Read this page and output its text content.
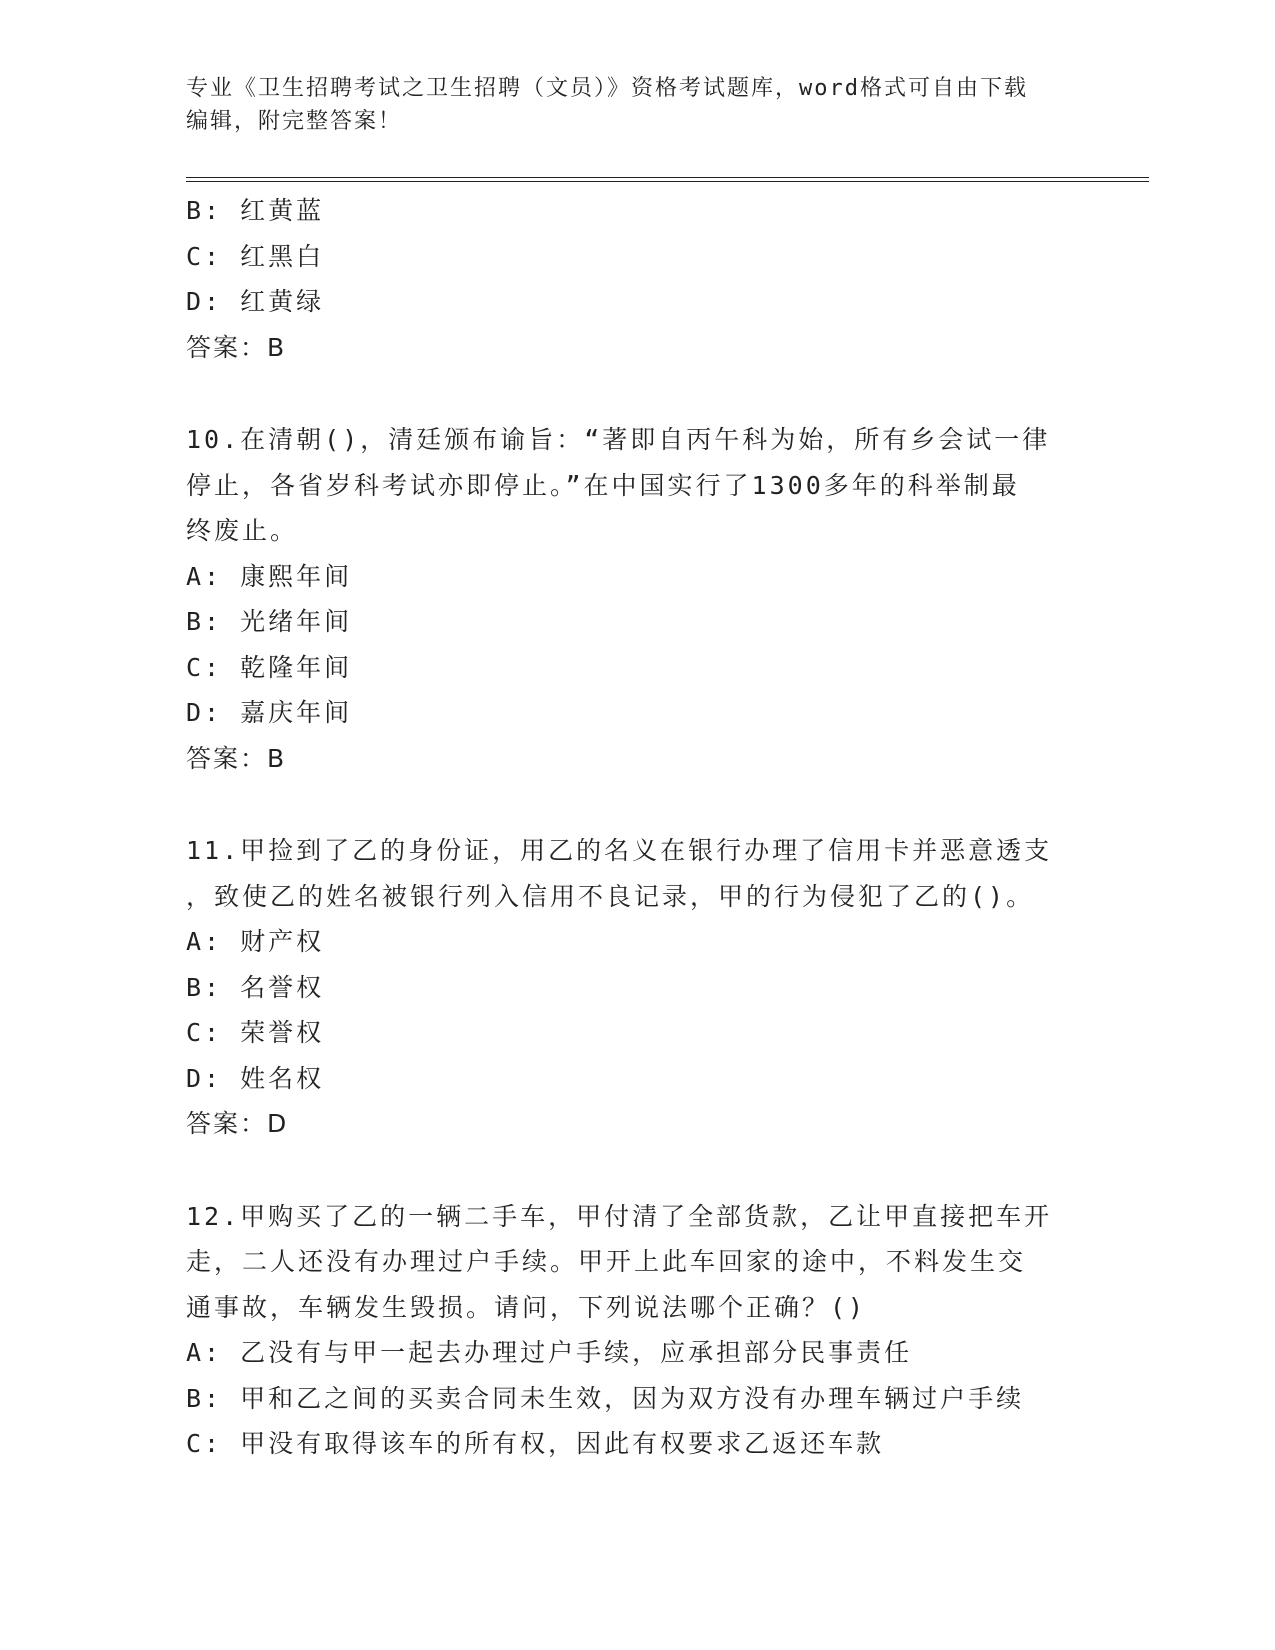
专业《卫生招聘考试之卫生招聘（文员）》资格考试题库，word格式可自由下载
编辑，附完整答案！
B: 红黄蓝
C: 红黑白
D: 红黄绿
答案：B
10.在清朝()，清廷颁布谕旨：“著即自丙午科为始，所有乡会试一律
停止，各省岁科考试亦即停止。”在中国实行了1300多年的科举制最
终废止。
A: 康熙年间
B: 光绪年间
C: 乾隆年间
D: 嘉庆年间
答案：B
11.甲捡到了乙的身份证，用乙的名义在银行办理了信用卡并恶意透支
，致使乙的姓名被银行列入信用不良记录，甲的行为侵犯了乙的()。
A: 财产权
B: 名誉权
C: 荣誉权
D: 姓名权
答案：D
12.甲购买了乙的一辆二手车，甲付清了全部货款，乙让甲直接把车开
走，二人还没有办理过户手续。甲开上此车回家的途中，不料发生交
通事故，车辆发生毁损。请问，下列说法哪个正确？()
A: 乙没有与甲一起去办理过户手续，应承担部分民事责任
B: 甲和乙之间的买卖合同未生效，因为双方没有办理车辆过户手续
C: 甲没有取得该车的所有权，因此有权要求乙返还车款
